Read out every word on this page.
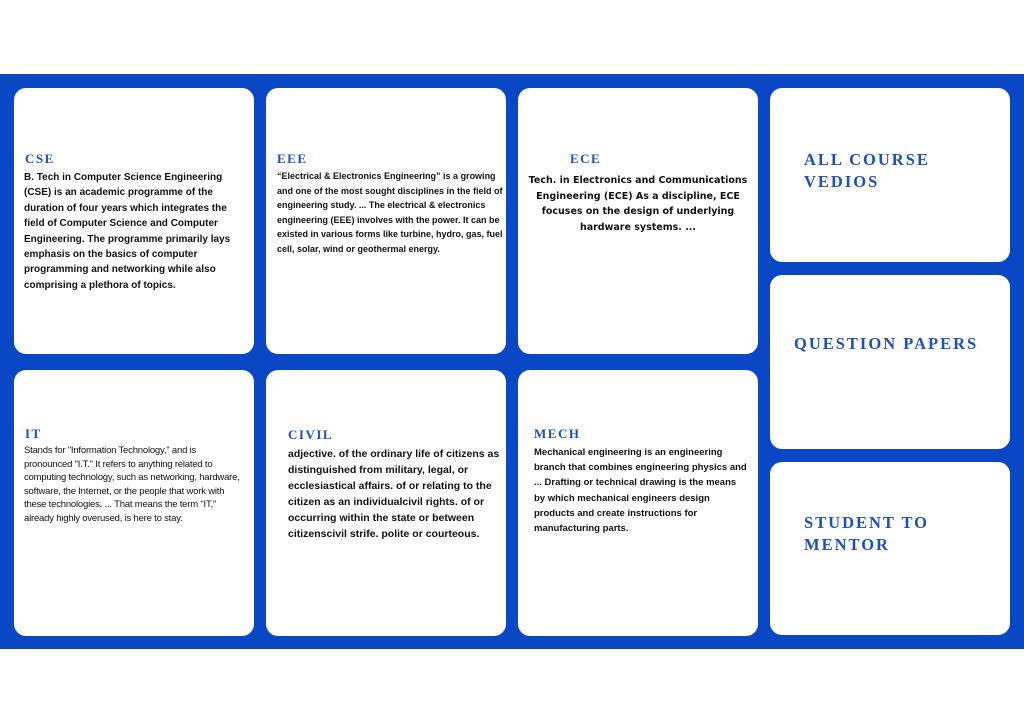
CSE
B. Tech in Computer Science Engineering (CSE) is an academic programme of the duration of four years which integrates the field of Computer Science and Computer Engineering. The programme primarily lays emphasis on the basics of computer programming and networking while also comprising a plethora of topics.
EEE
“Electrical & Electronics Engineering” is a growing and one of the most sought disciplines in the field of engineering study. ... The electrical & electronics engineering (EEE) involves with the power. It can be existed in various forms like turbine, hydro, gas, fuel cell, solar, wind or geothermal energy.
ECE
Tech. in Electronics and Communications Engineering (ECE) As a discipline, ECE focuses on the design of underlying hardware systems. ...
IT
Stands for "Information Technology," and is pronounced "I.T." It refers to anything related to computing technology, such as networking, hardware, software, the Internet, or the people that work with these technologies. ... That means the term "IT," already highly overused, is here to stay.
CIVIL
adjective. of the ordinary life of citizens as distinguished from military, legal, or ecclesiastical affairs. of or relating to the citizen as an individualcivil rights. of or occurring within the state or between citizenscivil strife. polite or courteous.
MECH
Mechanical engineering is an engineering branch that combines engineering physics and ... Drafting or technical drawing is the means by which mechanical engineers design products and create instructions for manufacturing parts.
ALL COURSE VEDIOS
QUESTION PAPERS
STUDENT TO MENTOR
